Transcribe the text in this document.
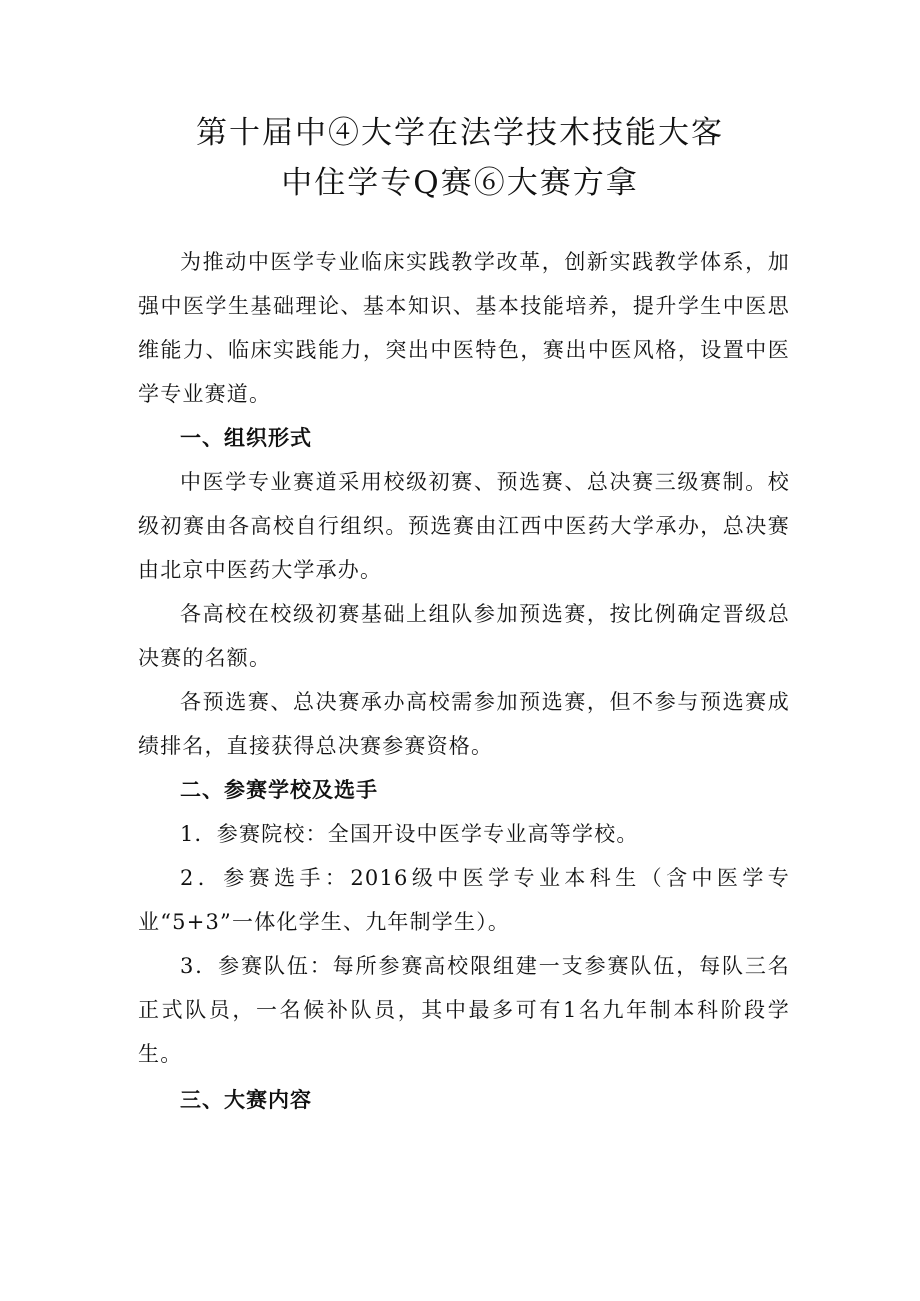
第十届中④大学在法学技木技能大客
中住学专Q赛⑥大赛方拿

为推动中医学专业临床实践教学改革，创新实践教学体系，加强中医学生基础理论、基本知识、基本技能培养，提升学生中医思维能力、临床实践能力，突出中医特色，赛出中医风格，设置中医学专业赛道。

一、组织形式

中医学专业赛道采用校级初赛、预选赛、总决赛三级赛制。校级初赛由各高校自行组织。预选赛由江西中医药大学承办，总决赛由北京中医药大学承办。

各高校在校级初赛基础上组队参加预选赛，按比例确定晋级总决赛的名额。

各预选赛、总决赛承办高校需参加预选赛，但不参与预选赛成绩排名，直接获得总决赛参赛资格。

二、参赛学校及选手

1．参赛院校：全国开设中医学专业高等学校。

2．参赛选手：2016级中医学专业本科生（含中医学专业“5+3”一体化学生、九年制学生）。

3．参赛队伍：每所参赛高校限组建一支参赛队伍，每队三名正式队员，一名候补队员，其中最多可有1名九年制本科阶段学生。

三、大赛内容
